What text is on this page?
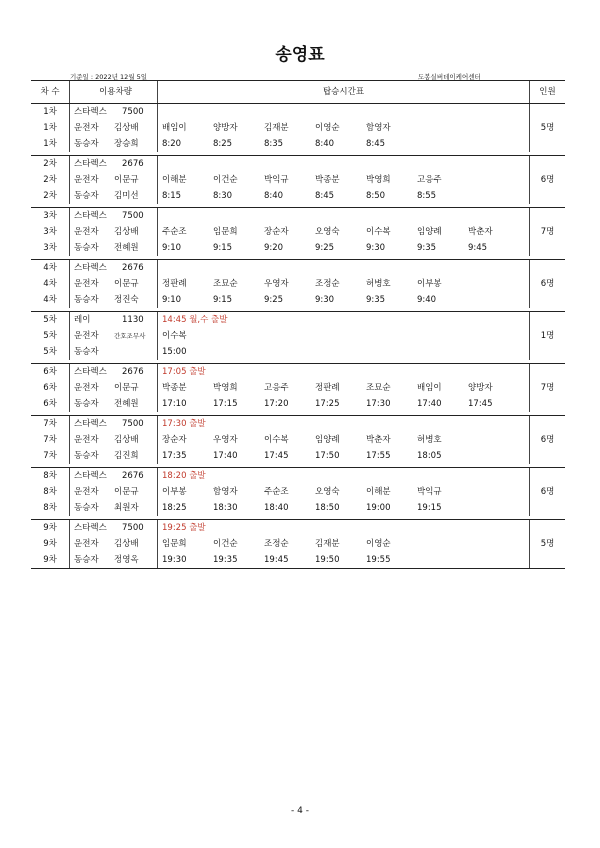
송영표
기준일 : 2022년 12월 5일	도봉실버데이케어센터
차 수	이용차량	탑승시간표	인원
1차	스타렉스 7500		
1차	운전자 김상배	배임이 양방자 김재분 이영순 함영자	5명
1차	동승자 장승희	8:20 8:25 8:35 8:40 8:45	

2차	스타렉스 2676		
2차	운전자 이문규	이해분 이건순 박익규 박종분 박영희 고응주	6명
2차	동승자 김미선	8:15 8:30 8:40 8:45 8:50 8:55	

3차	스타렉스 7500		
3차	운전자 김상배	주순조 임문희 장순자 오영숙 이수복 임양례 박춘자	7명
3차	동승자 전혜원	9:10 9:15 9:20 9:25 9:30 9:35 9:45	

4차	스타렉스 2676		
4차	운전자 이문규	정판례 조묘순 우영자 조정순 허병호 이부봉	6명
4차	동승자 정진숙	9:10 9:15 9:25 9:30 9:35 9:40	

5차	레이 1130	14:45 월,수 출발	
5차	운전자 간호조무사	이수복	1명
5차	동승자	15:00	

6차	스타렉스 2676	17:05 출발	
6차	운전자 이문규	박종분 박영희 고응주 정판례 조묘순 배임이 양방자	7명
6차	동승자 전혜원	17:10 17:15 17:20 17:25 17:30 17:40 17:45	

7차	스타렉스 7500	17:30 출발	
7차	운전자 김상배	장순자 우영자 이수복 임양례 박춘자 허병호	6명
7차	동승자 김진희	17:35 17:40 17:45 17:50 17:55 18:05	

8차	스타렉스 2676	18:20 출발	
8차	운전자 이문규	이부봉 함영자 주순조 오영숙 이해분 박익규	6명
8차	동승자 최원자	18:25 18:30 18:40 18:50 19:00 19:15	

9차	스타렉스 7500	19:25 출발	
9차	운전자 김상배	임문희 이건순 조정순 김재분 이영순	5명
9차	동승자 정영옥	19:30 19:35 19:45 19:50 19:55	
- 4 -
